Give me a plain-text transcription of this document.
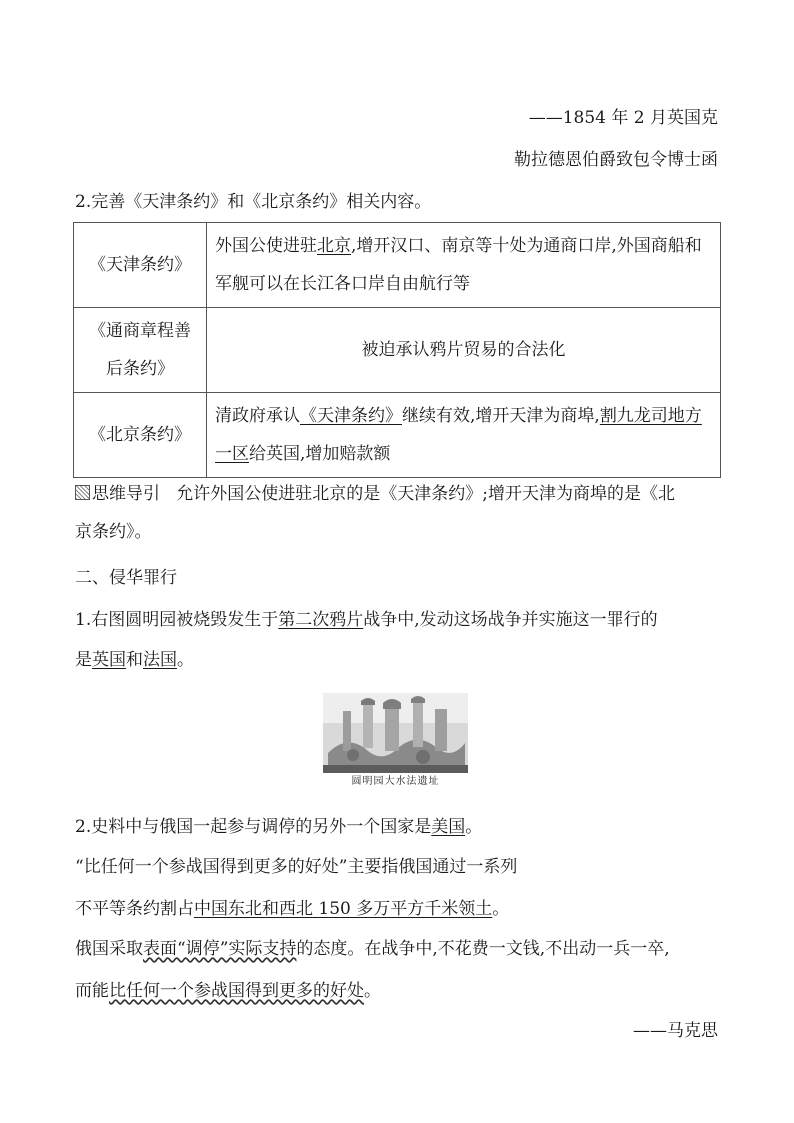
——1854 年 2 月英国克
勒拉德恩伯爵致包令博士函
2.完善《天津条约》和《北京条约》相关内容。
《天津条约》	外国公使进驻北京,增开汉口、南京等十处为通商口岸,外国商船和军舰可以在长江各口岸自由航行等
《通商章程善后条约》	被迫承认鸦片贸易的合法化
《北京条约》	清政府承认《天津条约》继续有效,增开天津为商埠,割九龙司地方一区给英国,增加赔款额
思维导引 允许外国公使进驻北京的是《天津条约》;增开天津为商埠的是《北
京条约》。
二、侵华罪行
1.右图圆明园被烧毁发生于第二次鸦片战争中,发动这场战争并实施这一罪行的
是英国和法国。
圆明园大水法遗址
2.史料中与俄国一起参与调停的另外一个国家是美国。
“比任何一个参战国得到更多的好处”主要指俄国通过一系列
不平等条约割占中国东北和西北 150 多万平方千米领土。
俄国采取表面“调停”实际支持的态度。在战争中,不花费一文钱,不出动一兵一卒,
而能比任何一个参战国得到更多的好处。
——马克思
